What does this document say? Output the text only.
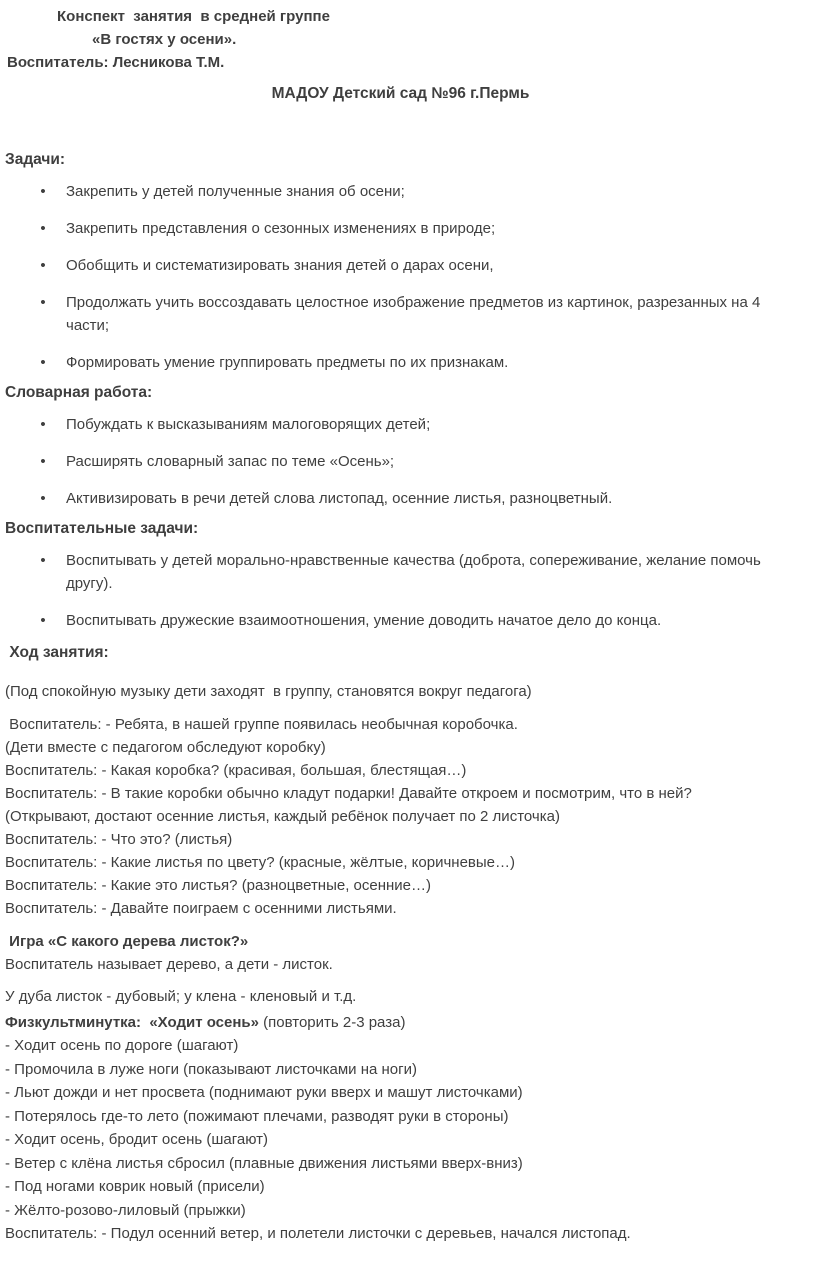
Конспект  занятия  в средней группе
«В гостях у осени».
Воспитатель: Лесникова Т.М.
МАДОУ Детский сад №96 г.Пермь
Задачи:
•	Закрепить у детей полученные знания об осени;
•	Закрепить представления о сезонных изменениях в природе;
•	Обобщить и систематизировать знания детей о дарах осени,
•	Продолжать учить воссоздавать целостное изображение предметов из картинок, разрезанных на 4 части;
•	Формировать умение группировать предметы по их признакам.
Словарная работа:
•	Побуждать к высказываниям малоговорящих детей;
•	Расширять словарный запас по теме «Осень»;
•	Активизировать в речи детей слова листопад, осенние листья, разноцветный.
Воспитательные задачи:
•	Воспитывать у детей морально-нравственные качества (доброта, сопереживание, желание помочь другу).
•	Воспитывать дружеские взаимоотношения, умение доводить начатое дело до конца.
Ход занятия:
(Под спокойную музыку дети заходят  в группу, становятся вокруг педагога)
Воспитатель: - Ребята, в нашей группе появилась необычная коробочка.
(Дети вместе с педагогом обследуют коробку)
Воспитатель: - Какая коробка? (красивая, большая, блестящая…)
Воспитатель: - В такие коробки обычно кладут подарки! Давайте откроем и посмотрим, что в ней?
(Открывают, достают осенние листья, каждый ребёнок получает по 2 листочка)
Воспитатель: - Что это? (листья)
Воспитатель: - Какие листья по цвету? (красные, жёлтые, коричневые…)
Воспитатель: - Какие это листья? (разноцветные, осенние…)
Воспитатель: - Давайте поиграем с осенними листьями.
Игра «С какого дерева листок?»
Воспитатель называет дерево, а дети - листок.
У дуба листок - дубовый; у клена - кленовый и т.д.
Физкультминутка:  «Ходит осень» (повторить 2-3 раза)
- Ходит осень по дороге (шагают)
- Промочила в луже ноги (показывают листочками на ноги)
- Льют дожди и нет просвета (поднимают руки вверх и машут листочками)
- Потерялось где-то лето (пожимают плечами, разводят руки в стороны)
- Ходит осень, бродит осень (шагают)
- Ветер с клёна листья сбросил (плавные движения листьями вверх-вниз)
- Под ногами коврик новый (присели)
- Жёлто-розово-лиловый (прыжки)
Воспитатель: - Подул осенний ветер, и полетели листочки с деревьев, начался листопад.
